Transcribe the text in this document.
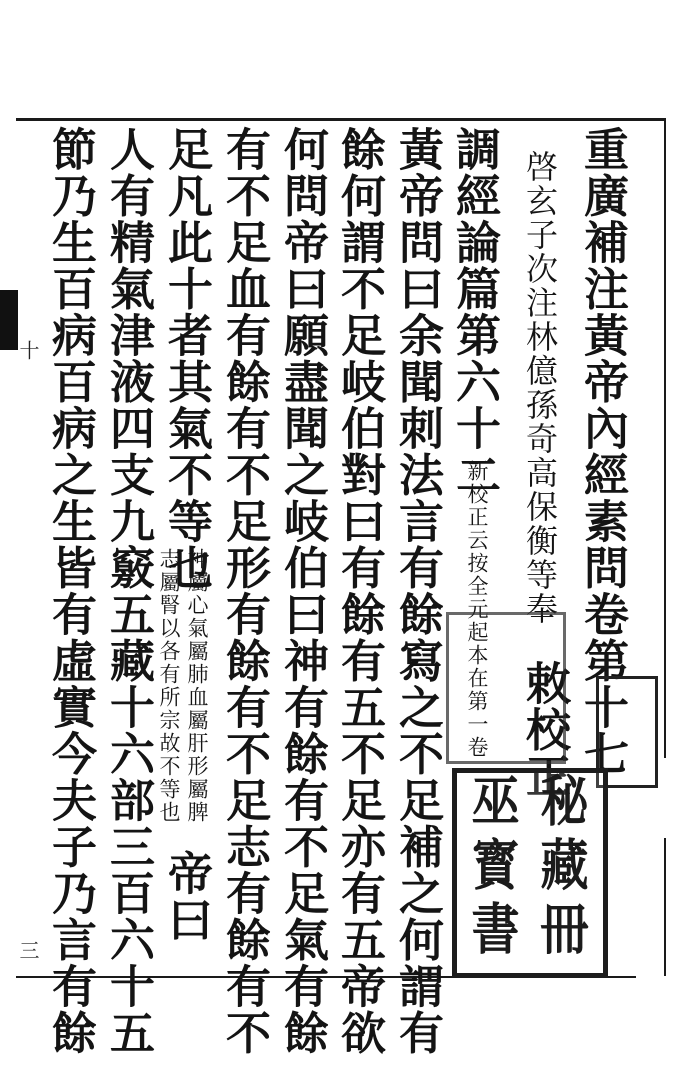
十
三
重廣補注黃帝內經素問卷第十七
啓玄子次注林億孫奇高保衡等奉
敕校正
調經論篇第六十二
新校正云按全元起本在第一卷
黃帝問曰余聞刺法言有餘寫之不足補之何謂有
餘何謂不足岐伯對曰有餘有五不足亦有五帝欲
何問帝曰願盡聞之岐伯曰神有餘有不足氣有餘
有不足血有餘有不足形有餘有不足志有餘有不
足凡此十者其氣不等也
神屬心氣屬肺血屬肝形屬脾
志屬腎以各有所宗故不等也
帝曰
人有精氣津液四支九竅五藏十六部三百六十五
節乃生百病百病之生皆有虛實今夫子乃言有餘	巫 秘
寳 藏
書 冊
